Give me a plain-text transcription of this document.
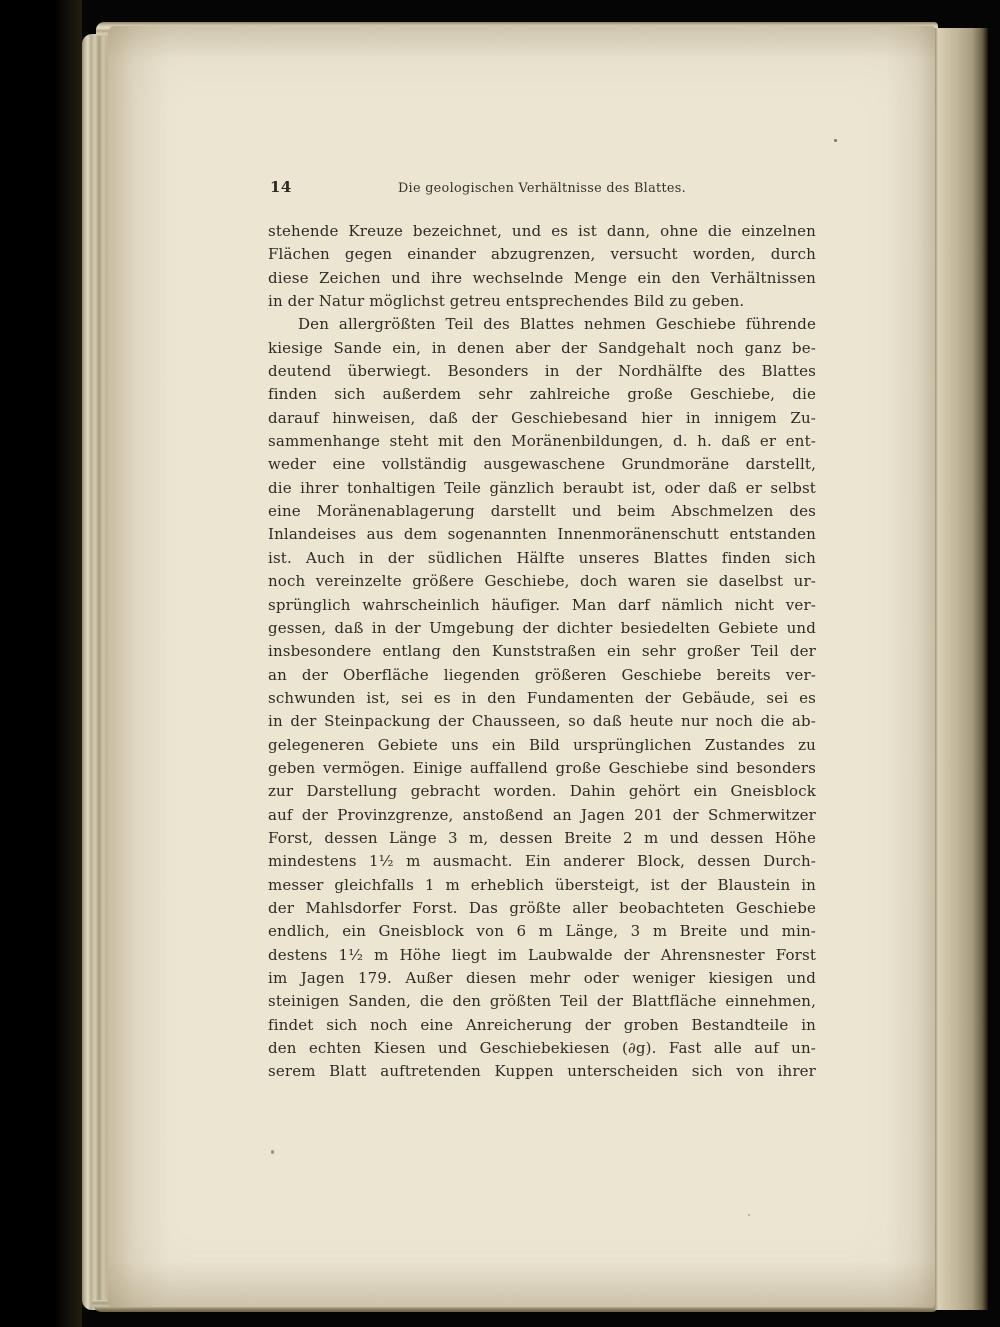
14	Die geologischen Verhältnisse des Blattes.
stehende Kreuze bezeichnet, und es ist dann, ohne die einzelnen
Flächen gegen einander abzugrenzen, versucht worden, durch
diese Zeichen und ihre wechselnde Menge ein den Verhältnissen
in der Natur möglichst getreu entsprechendes Bild zu geben.
Den allergrößten Teil des Blattes nehmen Geschiebe führende
kiesige Sande ein, in denen aber der Sandgehalt noch ganz be-
deutend überwiegt. Besonders in der Nordhälfte des Blattes
finden sich außerdem sehr zahlreiche große Geschiebe, die
darauf hinweisen, daß der Geschiebesand hier in innigem Zu-
sammenhange steht mit den Moränenbildungen, d. h. daß er ent-
weder eine vollständig ausgewaschene Grundmoräne darstellt,
die ihrer tonhaltigen Teile gänzlich beraubt ist, oder daß er selbst
eine Moränenablagerung darstellt und beim Abschmelzen des
Inlandeises aus dem sogenannten Innenmoränenschutt entstanden
ist. Auch in der südlichen Hälfte unseres Blattes finden sich
noch vereinzelte größere Geschiebe, doch waren sie daselbst ur-
sprünglich wahrscheinlich häufiger. Man darf nämlich nicht ver-
gessen, daß in der Umgebung der dichter besiedelten Gebiete und
insbesondere entlang den Kunststraßen ein sehr großer Teil der
an der Oberfläche liegenden größeren Geschiebe bereits ver-
schwunden ist, sei es in den Fundamenten der Gebäude, sei es
in der Steinpackung der Chausseen, so daß heute nur noch die ab-
gelegeneren Gebiete uns ein Bild ursprünglichen Zustandes zu
geben vermögen. Einige auffallend große Geschiebe sind besonders
zur Darstellung gebracht worden. Dahin gehört ein Gneisblock
auf der Provinzgrenze, anstoßend an Jagen 201 der Schmerwitzer
Forst, dessen Länge 3 m, dessen Breite 2 m und dessen Höhe
mindestens 1¹⁄₂ m ausmacht. Ein anderer Block, dessen Durch-
messer gleichfalls 1 m erheblich übersteigt, ist der Blaustein in
der Mahlsdorfer Forst. Das größte aller beobachteten Geschiebe
endlich, ein Gneisblock von 6 m Länge, 3 m Breite und min-
destens 1¹⁄₂ m Höhe liegt im Laubwalde der Ahrensnester Forst
im Jagen 179. Außer diesen mehr oder weniger kiesigen und
steinigen Sanden, die den größten Teil der Blattfläche einnehmen,
findet sich noch eine Anreicherung der groben Bestandteile in
den echten Kiesen und Geschiebekiesen (∂g). Fast alle auf un-
serem Blatt auftretenden Kuppen unterscheiden sich von ihrer
